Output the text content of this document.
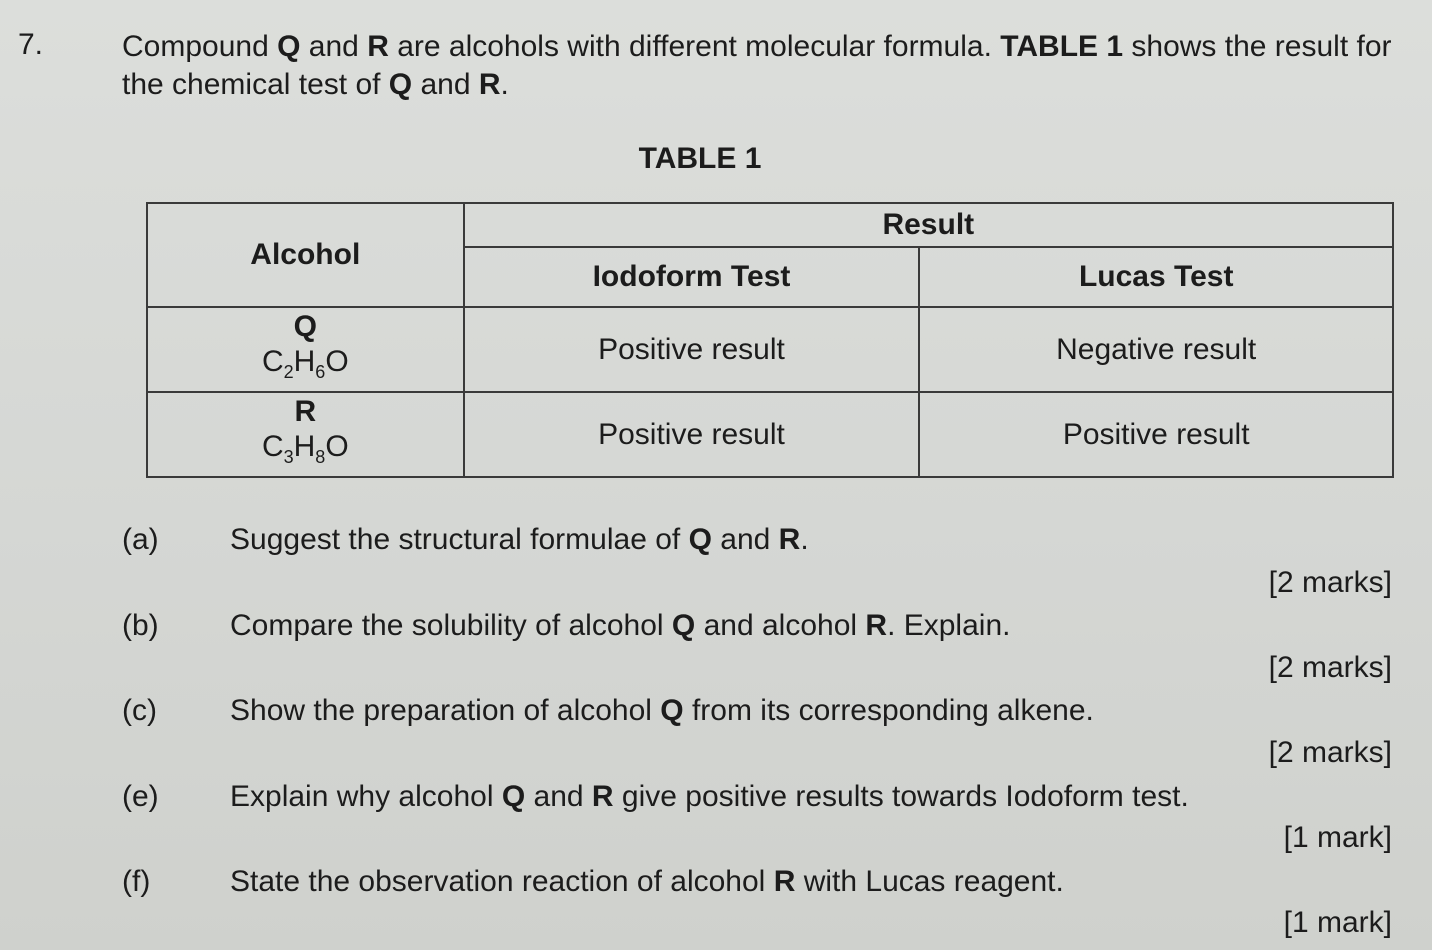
7.	Compound Q and R are alcohols with different molecular formula. TABLE 1 shows the result for the chemical test of Q and R.
TABLE 1
Alcohol	Result	
	Iodoform Test	Lucas Test

Q
$C_2H_6O$	Positive result	Negative result

R
$C_3H_8O$	Positive result	Positive result
(a) Suggest the structural formulae of Q and R.
[2 marks]
(b) Compare the solubility of alcohol Q and alcohol R. Explain.
[2 marks]
(c) Show the preparation of alcohol Q from its corresponding alkene.
[2 marks]
(e) Explain why alcohol Q and R give positive results towards Iodoform test.
[1 mark]
(f)	State the observation reaction of alcohol R with Lucas reagent.
[1 mark]
